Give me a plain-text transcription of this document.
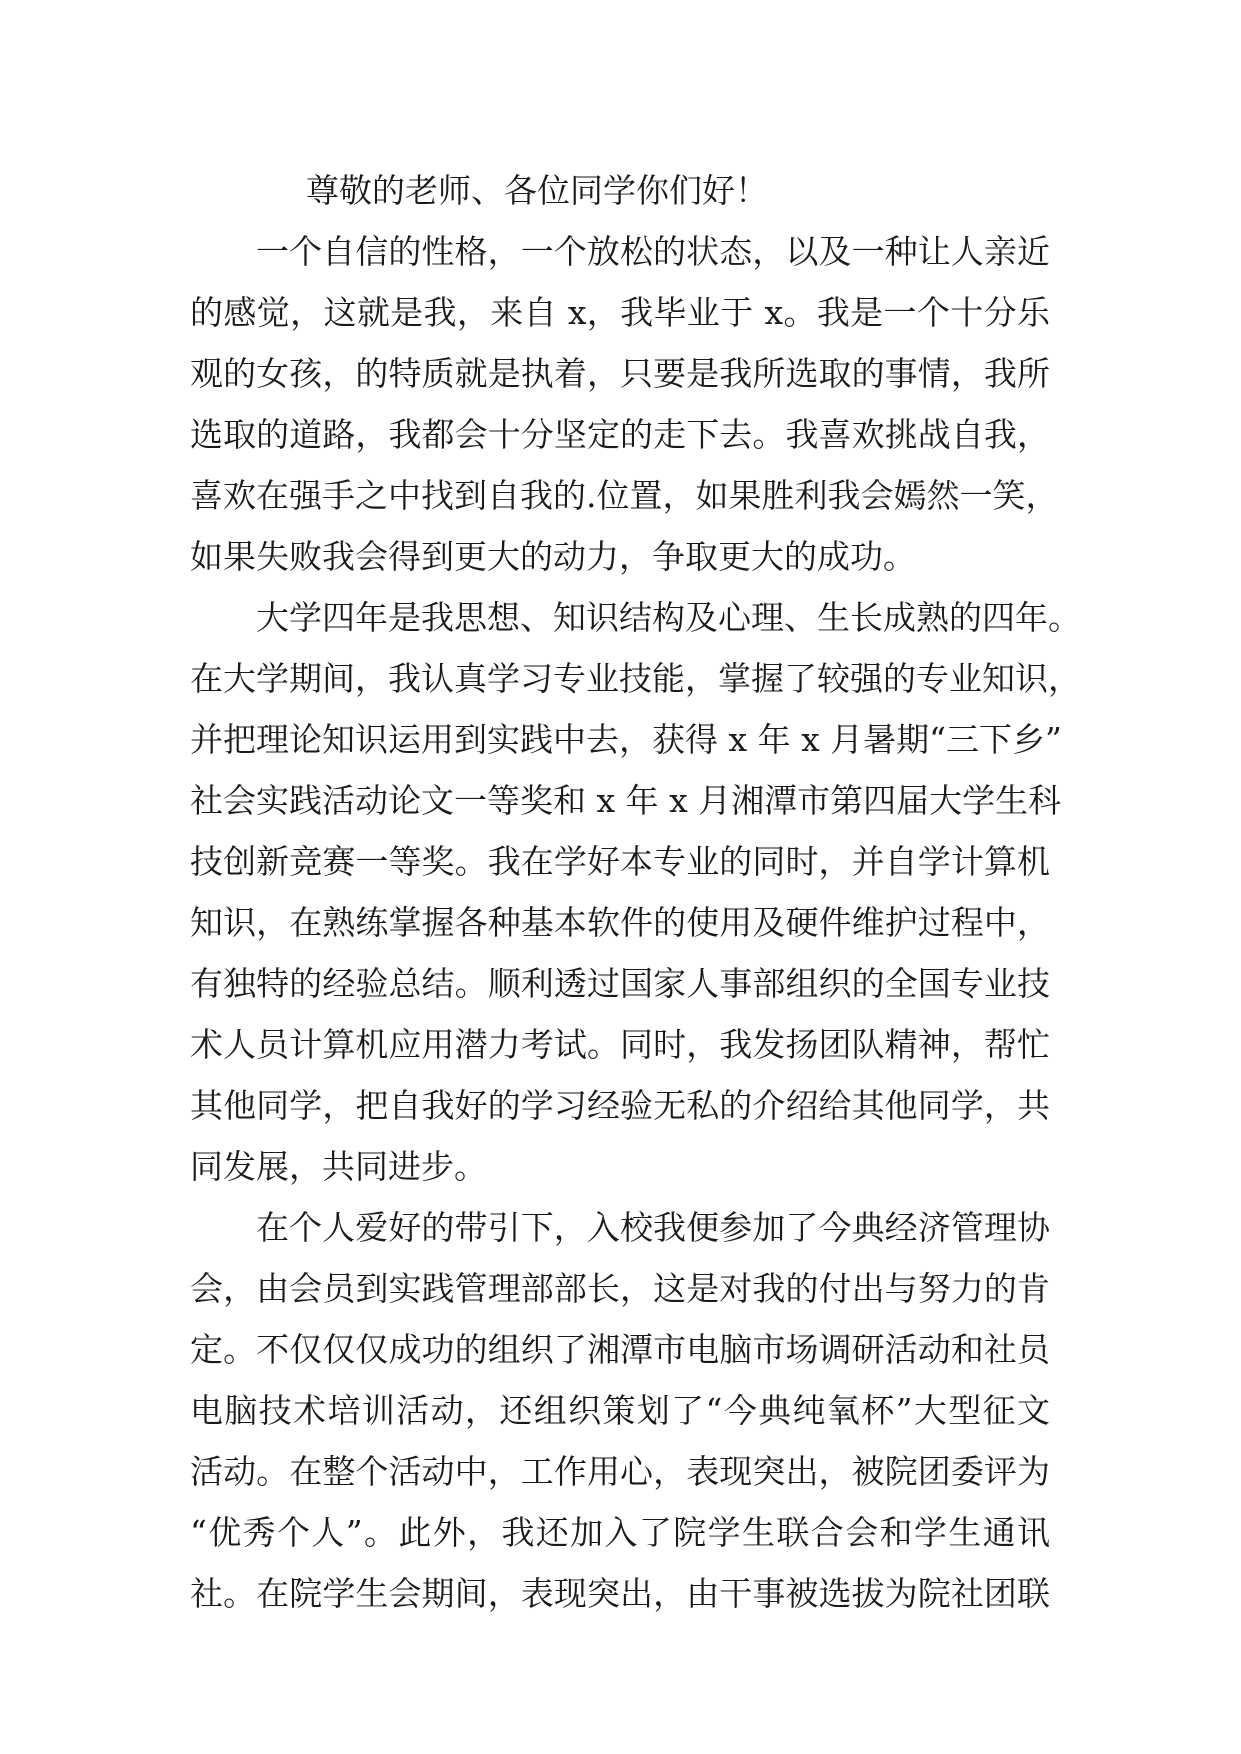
尊敬的老师、各位同学你们好！
一个自信的性格，一个放松的状态，以及一种让人亲近
的感觉，这就是我，来自 x，我毕业于 x。我是一个十分乐
观的女孩，的特质就是执着，只要是我所选取的事情，我所
选取的道路，我都会十分坚定的走下去。我喜欢挑战自我，
喜欢在强手之中找到自我的.位置，如果胜利我会嫣然一笑，
如果失败我会得到更大的动力，争取更大的成功。
大学四年是我思想、知识结构及心理、生长成熟的四年。
在大学期间，我认真学习专业技能，掌握了较强的专业知识，
并把理论知识运用到实践中去，获得 x 年 x 月暑期“三下乡”
社会实践活动论文一等奖和 x 年 x 月湘潭市第四届大学生科
技创新竞赛一等奖。我在学好本专业的同时，并自学计算机
知识，在熟练掌握各种基本软件的使用及硬件维护过程中，
有独特的经验总结。顺利透过国家人事部组织的全国专业技
术人员计算机应用潜力考试。同时，我发扬团队精神，帮忙
其他同学，把自我好的学习经验无私的介绍给其他同学，共
同发展，共同进步。
在个人爱好的带引下，入校我便参加了今典经济管理协
会，由会员到实践管理部部长，这是对我的付出与努力的肯
定。不仅仅仅成功的组织了湘潭市电脑市场调研活动和社员
电脑技术培训活动，还组织策划了“今典纯氧杯”大型征文
活动。在整个活动中，工作用心，表现突出，被院团委评为
“优秀个人”。此外，我还加入了院学生联合会和学生通讯
社。在院学生会期间，表现突出，由干事被选拔为院社团联
